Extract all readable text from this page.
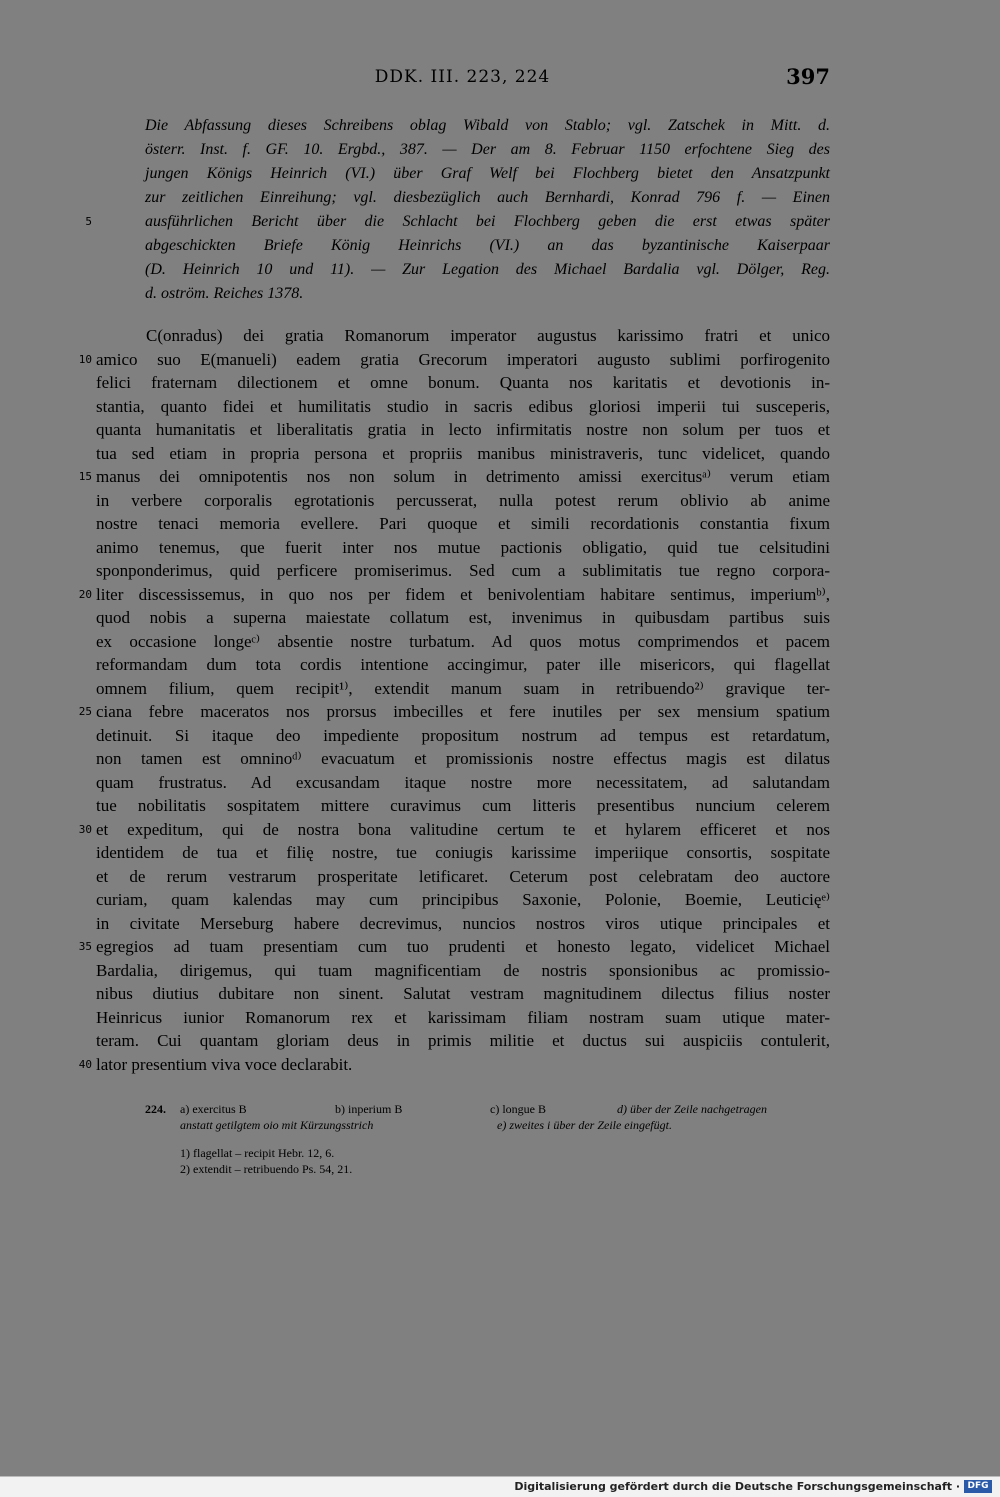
DDK. III. 223, 224	397
Die Abfassung dieses Schreibens oblag Wibald von Stablo; vgl. Zatschek in Mitt. d.
österr. Inst. f. GF. 10. Ergbd., 387. — Der am 8. Februar 1150 erfochtene Sieg des
jungen Königs Heinrich (VI.) über Graf Welf bei Flochberg bietet den Ansatzpunkt
zur zeitlichen Einreihung; vgl. diesbezüglich auch Bernhardi, Konrad 796 f. — Einen
ausführlichen Bericht über die Schlacht bei Flochberg geben die erst etwas später
abgeschickten Briefe König Heinrichs (VI.) an das byzantinische Kaiserpaar
(D. Heinrich 10 und 11). — Zur Legation des Michael Bardalia vgl. Dölger, Reg.
d. oström. Reiches 1378.
5
C(onradus) dei gratia Romanorum imperator augustus karissimo fratri et unico
amico suo E(manueli) eadem gratia Grecorum imperatori augusto sublimi porfirogenito
felici fraternam dilectionem et omne bonum. Quanta nos karitatis et devotionis in-
stantia, quanto fidei et humilitatis studio in sacris edibus gloriosi imperii tui susceperis,
quanta humanitatis et liberalitatis gratia in lecto infirmitatis nostre non solum per tuos et
tua sed etiam in propria persona et propriis manibus ministraveris, tunc videlicet, quando
manus dei omnipotentis nos non solum in detrimento amissi exercitusᵃ⁾ verum etiam
in verbere corporalis egrotationis percusserat, nulla potest rerum oblivio ab anime
nostre tenaci memoria evellere. Pari quoque et simili recordationis constantia fixum
animo tenemus, que fuerit inter nos mutue pactionis obligatio, quid tue celsitudini
sponponderimus, quid perficere promiserimus. Sed cum a sublimitatis tue regno corpora-
liter discessissemus, in quo nos per fidem et benivolentiam habitare sentimus, imperiumᵇ⁾,
quod nobis a superna maiestate collatum est, invenimus in quibusdam partibus suis
ex occasione longeᶜ⁾ absentie nostre turbatum. Ad quos motus comprimendos et pacem
reformandam dum tota cordis intentione accingimur, pater ille misericors, qui flagellat
omnem filium, quem recipit¹⁾, extendit manum suam in retribuendo²⁾ gravique ter-
ciana febre maceratos nos prorsus imbecilles et fere inutiles per sex mensium spatium
detinuit. Si itaque deo impediente propositum nostrum ad tempus est retardatum,
non tamen est omninoᵈ⁾ evacuatum et promissionis nostre effectus magis est dilatus
quam frustratus. Ad excusandam itaque nostre more necessitatem, ad salutandam
tue nobilitatis sospitatem mittere curavimus cum litteris presentibus nuncium celerem
et expeditum, qui de nostra bona valitudine certum te et hylarem efficeret et nos
identidem de tua et filię nostre, tue coniugis karissime imperiique consortis, sospitate
et de rerum vestrarum prosperitate letificaret. Ceterum post celebratam deo auctore
curiam, quam kalendas may cum principibus Saxonie, Polonie, Boemie, Leuticięᵉ⁾
in civitate Merseburg habere decrevimus, nuncios nostros viros utique principales et
egregios ad tuam presentiam cum tuo prudenti et honesto legato, videlicet Michael
Bardalia, dirigemus, qui tuam magnificentiam de nostris sponsionibus ac promissio-
nibus diutius dubitare non sinent. Salutat vestram magnitudinem dilectus filius noster
Heinricus iunior Romanorum rex et karissimam filiam nostram suam utique mater-
teram. Cui quantam gloriam deus in primis militie et ductus sui auspiciis contulerit,
lator presentium viva voce declarabit.
10
15
20
25
30
35
40
224. a) exercitus B	b) inperium B	c) longue B	d) über der Zeile nachgetragen
anstatt getilgtem oio mit Kürzungsstrich	e) zweites i über der Zeile eingefügt.
1) flagellat – recipit Hebr. 12, 6.
2) extendit – retribuendo Ps. 54, 21.
Digitalisierung gefördert durch die Deutsche Forschungsgemeinschaft · DFG
